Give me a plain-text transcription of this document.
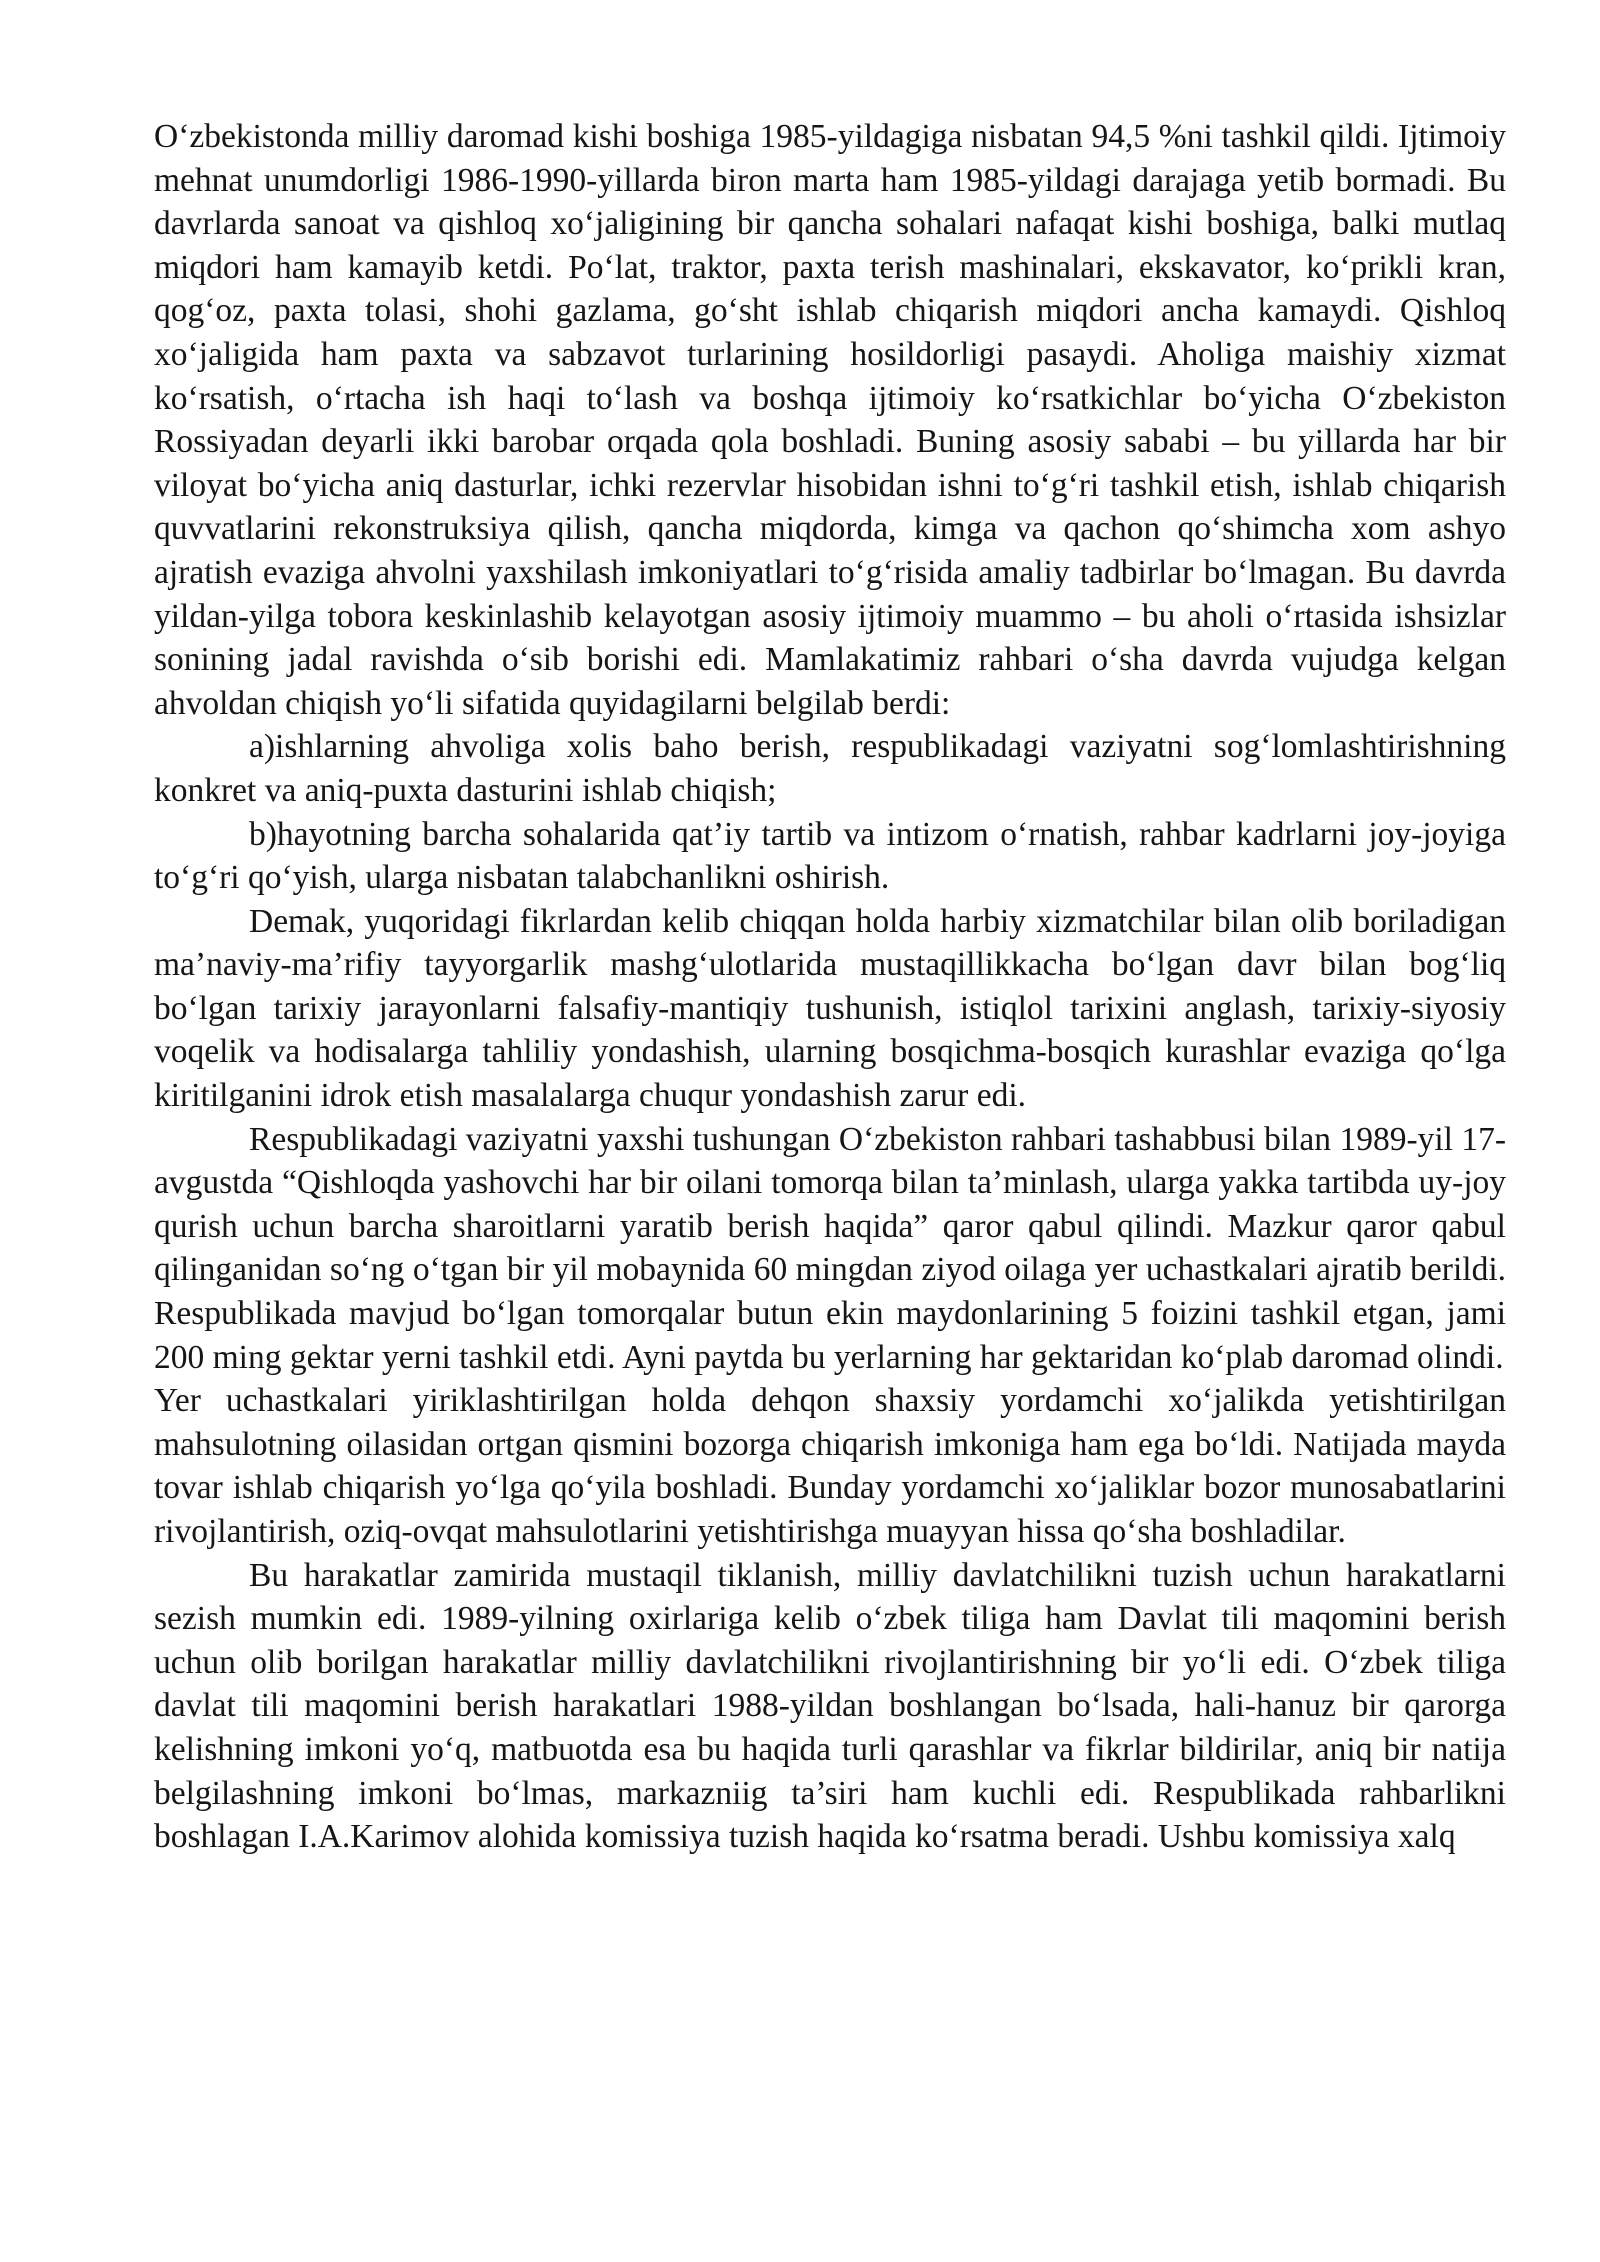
O‘zbekistonda milliy daromad kishi boshiga 1985-yildagiga nisbatan 94,5 %ni tashkil qildi. Ijtimoiy mehnat unumdorligi 1986-1990-yillarda biron marta ham 1985-yildagi darajaga yetib bormadi. Bu davrlarda sanoat va qishloq xo‘jaligining bir qancha sohalari nafaqat kishi boshiga, balki mutlaq miqdori ham kamayib ketdi. Po‘lat, traktor, paxta terish mashinalari, ekskavator, ko‘prikli kran, qog‘oz, paxta tolasi, shohi gazlama, go‘sht ishlab chiqarish miqdori ancha kamaydi. Qishloq xo‘jaligida ham paxta va sabzavot turlarining hosildorligi pasaydi. Aholiga maishiy xizmat ko‘rsatish, o‘rtacha ish haqi to‘lash va boshqa ijtimoiy ko‘rsatkichlar bo‘yicha O‘zbekiston Rossiyadan deyarli ikki barobar orqada qola boshladi. Buning asosiy sababi – bu yillarda har bir viloyat bo‘yicha aniq dasturlar, ichki rezervlar hisobidan ishni to‘g‘ri tashkil etish, ishlab chiqarish quvvatlarini rekonstruksiya qilish, qancha miqdorda, kimga va qachon qo‘shimcha xom ashyo ajratish evaziga ahvolni yaxshilash imkoniyatlari to‘g‘risida amaliy tadbirlar bo‘lmagan. Bu davrda yildan-yilga tobora keskinlashib kelayotgan asosiy ijtimoiy muammo – bu aholi o‘rtasida ishsizlar sonining jadal ravishda o‘sib borishi edi. Mamlakatimiz rahbari o‘sha davrda vujudga kelgan ahvoldan chiqish yo‘li sifatida quyidagilarni belgilab berdi:

a)ishlarning ahvoliga xolis baho berish, respublikadagi vaziyatni sog‘lomlashtirishning konkret va aniq-puxta dasturini ishlab chiqish;

b)hayotning barcha sohalarida qat’iy tartib va intizom o‘rnatish, rahbar kadrlarni joy-joyiga to‘g‘ri qo‘yish, ularga nisbatan talabchanlikni oshirish.

Demak, yuqoridagi fikrlardan kelib chiqqan holda harbiy xizmatchilar bilan olib boriladigan ma’naviy-ma’rifiy tayyorgarlik mashg‘ulotlarida mustaqillikkacha bo‘lgan davr bilan bog‘liq bo‘lgan tarixiy jarayonlarni falsafiy-mantiqiy tushunish, istiqlol tarixini anglash, tarixiy-siyosiy voqelik va hodisalarga tahliliy yondashish, ularning bosqichma-bosqich kurashlar evaziga qo‘lga kiritilganini idrok etish masalalarga chuqur yondashish zarur edi.

Respublikadagi vaziyatni yaxshi tushungan O‘zbekiston rahbari tashabbusi bilan 1989-yil 17-avgustda “Qishloqda yashovchi har bir oilani tomorqa bilan ta’minlash, ularga yakka tartibda uy-joy qurish uchun barcha sharoitlarni yaratib berish haqida” qaror qabul qilindi. Mazkur qaror qabul qilinganidan so‘ng o‘tgan bir yil mobaynida 60 mingdan ziyod oilaga yer uchastkalari ajratib berildi. Respublikada mavjud bo‘lgan tomorqalar butun ekin maydonlarining 5 foizini tashkil etgan, jami 200 ming gektar yerni tashkil etdi. Ayni paytda bu yerlarning har gektaridan ko‘plab daromad olindi.

Yer uchastkalari yiriklashtirilgan holda dehqon shaxsiy yordamchi xo‘jalikda yetishtirilgan mahsulotning oilasidan ortgan qismini bozorga chiqarish imkoniga ham ega bo‘ldi. Natijada mayda tovar ishlab chiqarish yo‘lga qo‘yila boshladi. Bunday yordamchi xo‘jaliklar bozor munosabatlarini rivojlantirish, oziq-ovqat mahsulotlarini yetishtirishga muayyan hissa qo‘sha boshladilar.

Bu harakatlar zamirida mustaqil tiklanish, milliy davlatchilikni tuzish uchun harakatlarni sezish mumkin edi. 1989-yilning oxirlariga kelib o‘zbek tiliga ham Davlat tili maqomini berish uchun olib borilgan harakatlar milliy davlatchilikni rivojlantirishning bir yo‘li edi. O‘zbek tiliga davlat tili maqomini berish harakatlari 1988-yildan boshlangan bo‘lsada, hali-hanuz bir qarorga kelishning imkoni yo‘q, matbuotda esa bu haqida turli qarashlar va fikrlar bildirilar, aniq bir natija belgilashning imkoni bo‘lmas, markazniig ta’siri ham kuchli edi. Respublikada rahbarlikni boshlagan I.A.Karimov alohida komissiya tuzish haqida ko‘rsatma beradi. Ushbu komissiya xalq
